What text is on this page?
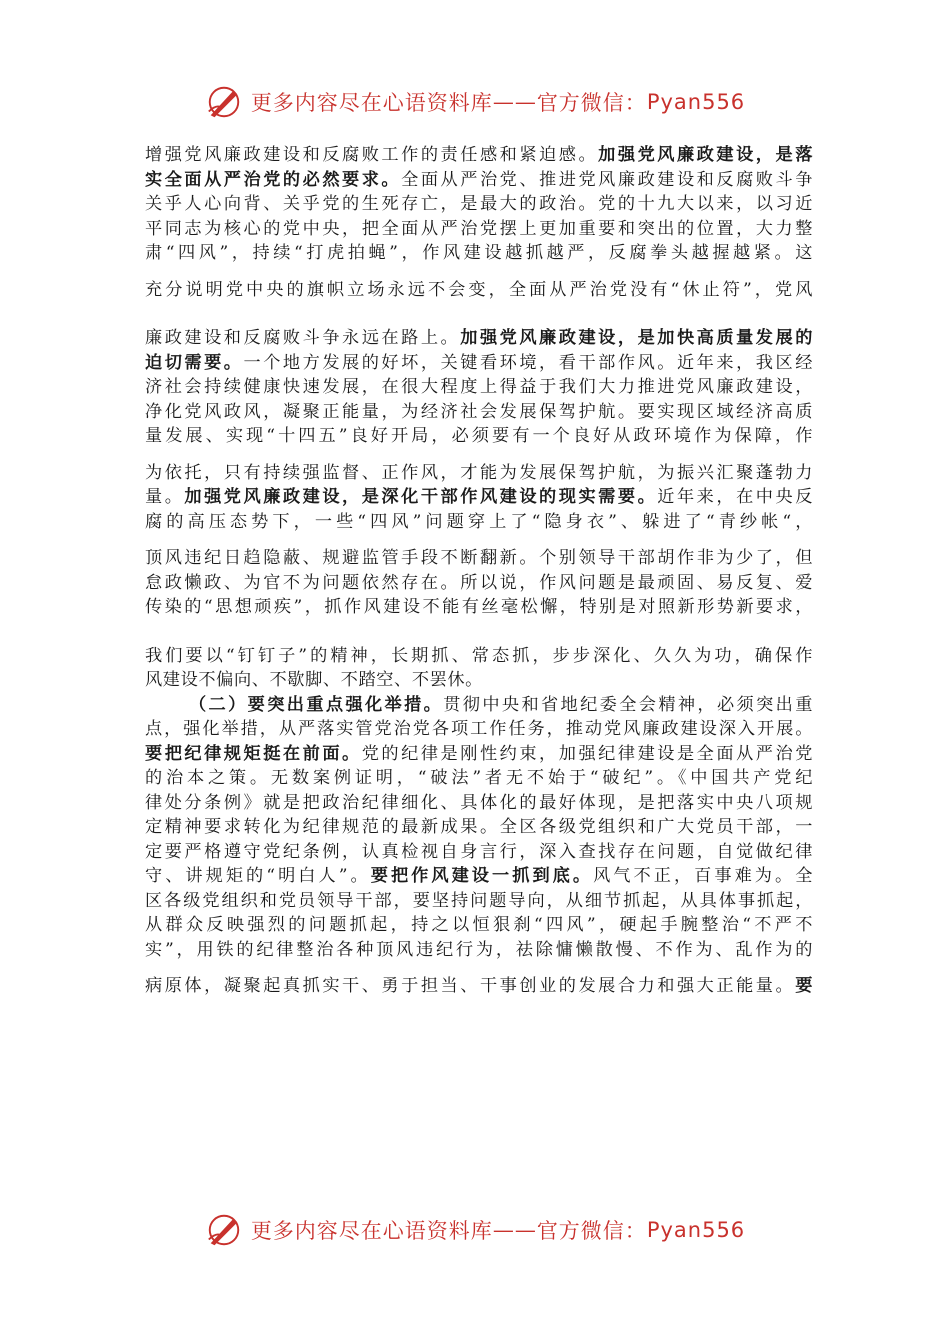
更多内容尽在心语资料库 —— 官方微信： Pyan556
增强党风廉政建设和反腐败工作的责任感和紧迫感。加强党风廉政建设，是落
实全面从严治党的必然要求。全面从严治党、推进党风廉政建设和反腐败斗争
关乎人心向背、关乎党的生死存亡，是最大的政治。党的十九大以来，以习近
平同志为核心的党中央，把全面从严治党摆上更加重要和突出的位置，大力整
肃“四风”，持续“打虎拍蝇”，作风建设越抓越严，反腐拳头越握越紧。这
充分说明党中央的旗帜立场永远不会变，全面从严治党没有“休止符”，党风
廉政建设和反腐败斗争永远在路上。加强党风廉政建设，是加快高质量发展的
迫切需要。一个地方发展的好坏，关键看环境，看干部作风。近年来，我区经
济社会持续健康快速发展，在很大程度上得益于我们大力推进党风廉政建设，
净化党风政风，凝聚正能量，为经济社会发展保驾护航。要实现区域经济高质
量发展、实现“十四五”良好开局，必须要有一个良好从政环境作为保障，作
为依托，只有持续强监督、正作风，才能为发展保驾护航，为振兴汇聚蓬勃力
量。加强党风廉政建设，是深化干部作风建设的现实需要。近年来，在中央反
腐的高压态势下，一些“四风”问题穿上了“隐身衣”、躲进了“青纱帐“，
顶风违纪日趋隐蔽、规避监管手段不断翻新。个别领导干部胡作非为少了，但
怠政懒政、为官不为问题依然存在。所以说，作风问题是最顽固、易反复、爱
传染的“思想顽疾”，抓作风建设不能有丝毫松懈，特别是对照新形势新要求，
我们要以“钉钉子”的精神，长期抓、常态抓，步步深化、久久为功，确保作
风建设不偏向、不歇脚、不踏空、不罢休。
（二）要突出重点强化举措。贯彻中央和省地纪委全会精神，必须突出重
点，强化举措，从严落实管党治党各项工作任务，推动党风廉政建设深入开展。
要把纪律规矩挺在前面。党的纪律是刚性约束，加强纪律建设是全面从严治党
的治本之策。无数案例证明，“破法”者无不始于“破纪”。《中国共产党纪
律处分条例》就是把政治纪律细化、具体化的最好体现，是把落实中央八项规
定精神要求转化为纪律规范的最新成果。全区各级党组织和广大党员干部，一
定要严格遵守党纪条例，认真检视自身言行，深入查找存在问题，自觉做纪律
守、讲规矩的“明白人”。要把作风建设一抓到底。风气不正，百事难为。全
区各级党组织和党员领导干部，要坚持问题导向，从细节抓起，从具体事抓起，
从群众反映强烈的问题抓起，持之以恒狠刹“四风”，硬起手腕整治“不严不
实”，用铁的纪律整治各种顶风违纪行为，祛除慵懒散慢、不作为、乱作为的
病原体，凝聚起真抓实干、勇于担当、干事创业的发展合力和强大正能量。要
更多内容尽在心语资料库 —— 官方微信： Pyan556
